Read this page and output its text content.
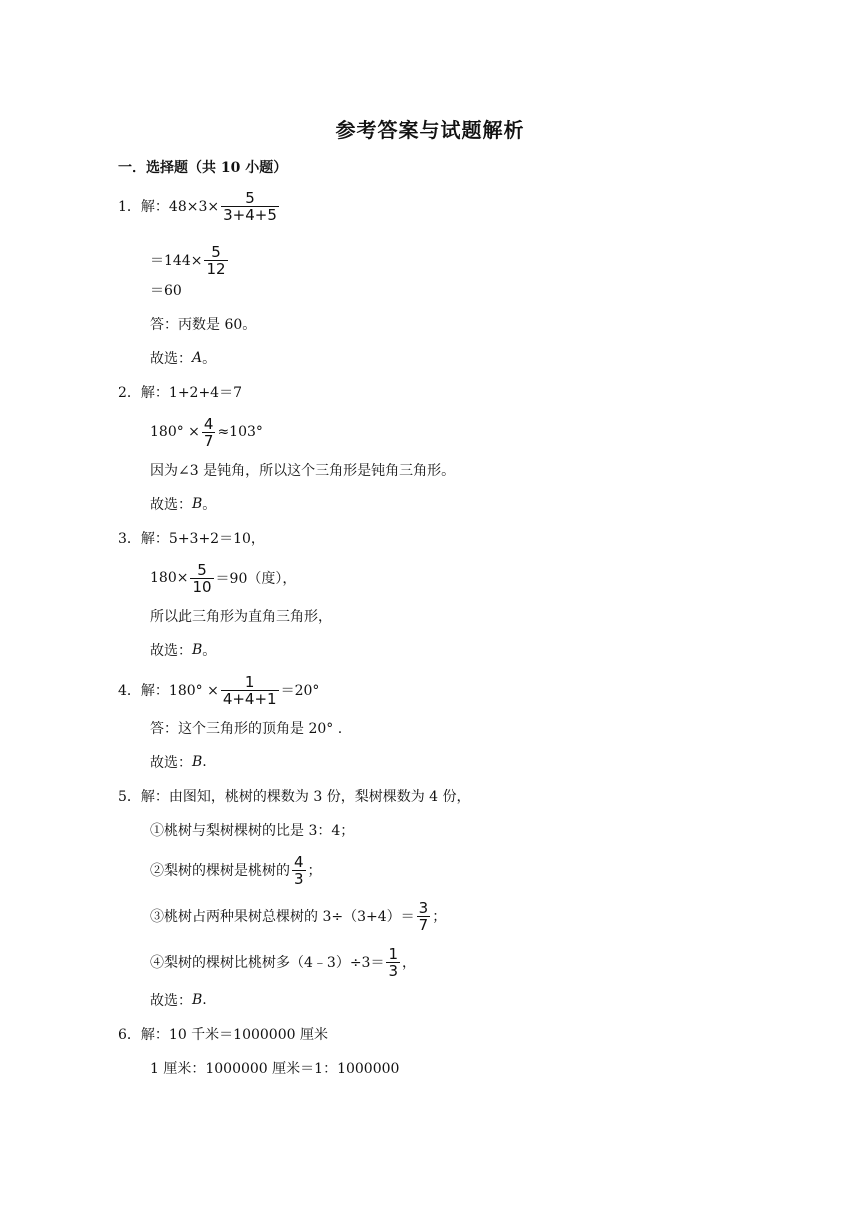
参考答案与试题解析
一．选择题（共 10 小题）
1．解：$48\times 3\times \frac{5}{3+4+5}$
$=144\times \frac{5}{12}$
＝60
答：丙数是 60。
故选： A 。
2．解：1+2+4＝7
$180^\circ \times \frac{4}{7} \approx 103^\circ$
因为∠3 是钝角，所以这个三角形是钝角三角形。
故选： B 。
3．解：5+3+2＝10，
$180\times \frac{5}{10} =90$（度），
所以此三角形为直角三角形，
故选： B 。
4．解：$180^\circ \times \frac{1}{4+4+1} =20^\circ$
答：这个三角形的顶角是 20° .
故选： B .
5．解：由图知，桃树的棵数为 3 份，梨树棵数为 4 份，
①桃树与梨树棵树的比是 3：4；
②梨树的棵树是桃树的 $\frac{4}{3}$ ；
③桃树占两种果树总棵树的 $3\div(3+4)= \frac{3}{7}$ ；
④梨树的棵树比桃树多（4﹣3）÷3＝ $\frac{1}{3}$ ，
故选： B .
6．解：10 千米＝1000000 厘米
1 厘米：1000000 厘米＝1：1000000
